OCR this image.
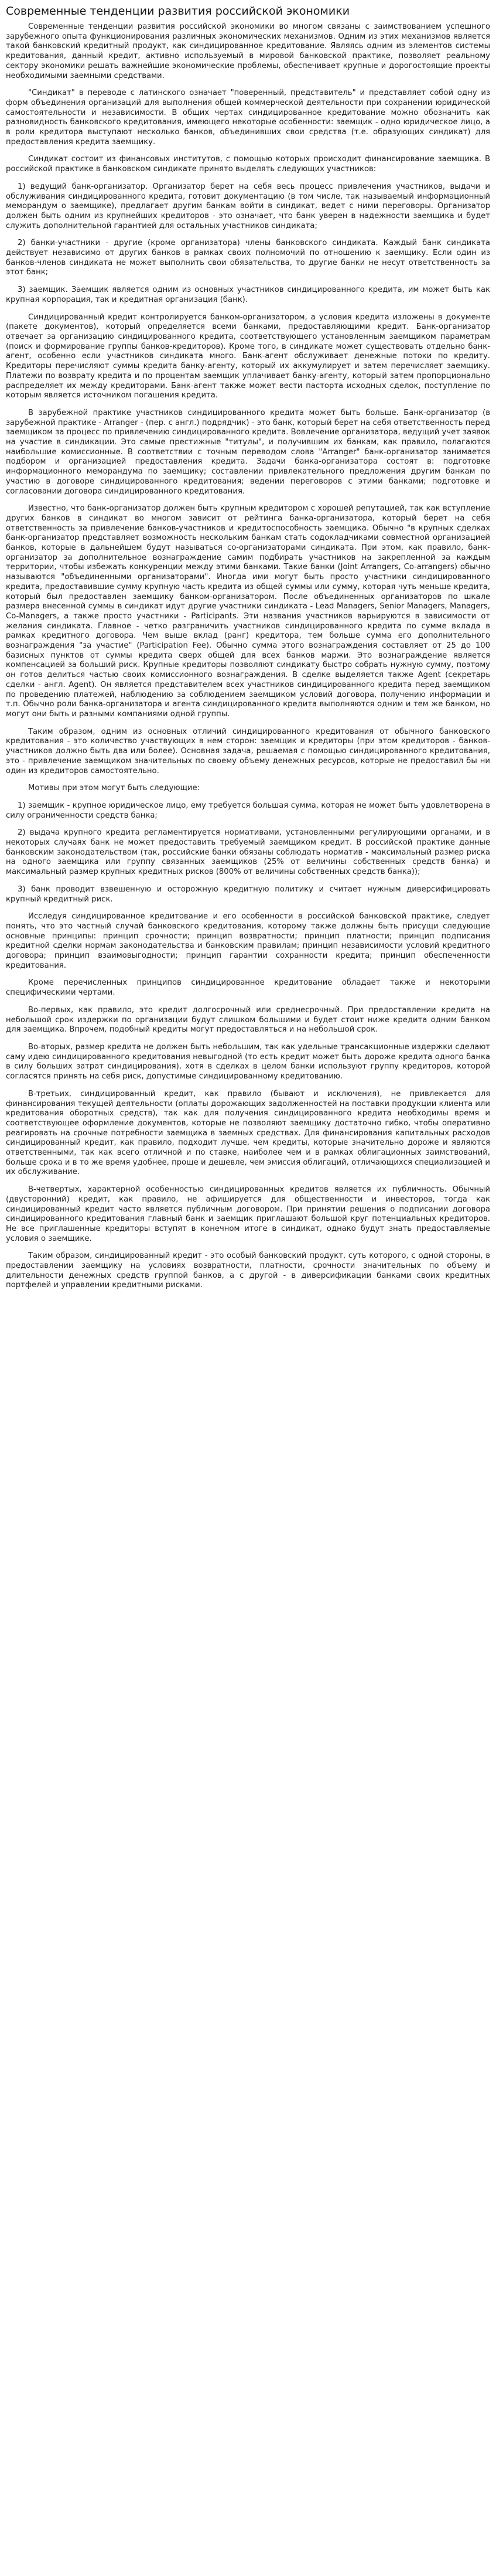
Современные тенденции развития российской экономики

Современные тенденции развития российской экономики во многом связаны с заимствованием успешного зарубежного опыта функционирования различных экономических механизмов. Одним из этих механизмов является такой банковский кредитный продукт, как синдицированное кредитование. Являясь одним из элементов системы кредитования, данный кредит, активно используемый в мировой банковской практике, позволяет реальному сектору экономики решать важнейшие экономические проблемы, обеспечивает крупные и дорогостоящие проекты необходимыми заемными средствами.

"Синдикат" в переводе с латинского означает "поверенный, представитель" и представляет собой одну из форм объединения организаций для выполнения общей коммерческой деятельности при сохранении юридической самостоятельности и независимости. В общих чертах синдицированное кредитование можно обозначить как разновидность банковского кредитования, имеющего некоторые особенности: заемщик - одно юридическое лицо, а в роли кредитора выступают несколько банков, объединивших свои средства (т.е. образующих синдикат) для предоставления кредита заемщику.

Синдикат состоит из финансовых институтов, с помощью которых происходит финансирование заемщика. В российской практике в банковском синдикате принято выделять следующих участников:

1) ведущий банк-организатор. Организатор берет на себя весь процесс привлечения участников, выдачи и обслуживания синдицированного кредита, готовит документацию (в том числе, так называемый информационный меморандум о заемщике), предлагает другим банкам войти в синдикат, ведет с ними переговоры. Организатор должен быть одним из крупнейших кредиторов - это означает, что банк уверен в надежности заемщика и будет служить дополнительной гарантией для остальных участников синдиката;

2) банки-участники - другие (кроме организатора) члены банковского синдиката. Каждый банк синдиката действует независимо от других банков в рамках своих полномочий по отношению к заемщику. Если один из банков-членов синдиката не может выполнить свои обязательства, то другие банки не несут ответственность за этот банк;

3) заемщик. Заемщик является одним из основных участников синдицированного кредита, им может быть как крупная корпорация, так и кредитная организация (банк).

Синдицированный кредит контролируется банком-организатором, а условия кредита изложены в документе (пакете документов), который определяется всеми банками, предоставляющими кредит. Банк-организатор отвечает за организацию синдицированного кредита, соответствующего установленным заемщиком параметрам (поиск и формирование группы банков-кредиторов). Кроме того, в синдикате может существовать отдельно банк-агент, особенно если участников синдиката много. Банк-агент обслуживает денежные потоки по кредиту. Кредиторы перечисляют суммы кредита банку-агенту, который их аккумулирует и затем перечисляет заемщику. Платежи по возврату кредита и по процентам заемщик уплачивает банку-агенту, который затем пропорционально распределяет их между кредиторами. Банк-агент также может вести пасторта исходных сделок, поступление по которым является источником погашения кредита.

В зарубежной практике участников синдицированного кредита может быть больше. Банк-организатор (в зарубежной практике - Arranger - (пер. с англ.) подрядчик) - это банк, который берет на себя ответственность перед заемщиком за процесс по привлечению синдицированного кредита. Вовлечение организатора, ведущий учет заявок на участие в синдикации. Это самые престижные "титулы", и получившим их банкам, как правило, полагаются наибольшие комиссионные. В соответствии с точным переводом слова "Arranger" банк-организатор занимается подбором и организацией предоставления кредита. Задачи банка-организатора состоят в: подготовке информационного меморандума по заемщику; составлении привлекательного предложения другим банкам по участию в договоре синдицированного кредитования; ведении переговоров с этими банками; подготовке и согласовании договора синдицированного кредитования.

Известно, что банк-организатор должен быть крупным кредитором с хорошей репутацией, так как вступление других банков в синдикат во многом зависит от рейтинга банка-организатора, который берет на себя ответственность за привлечение банков-участников и кредитоспособность заемщика. Обычно "в крупных сделках банк-организатор представляет возможность нескольким банкам стать содокладчиками совместной организацией банков, которые в дальнейшем будут называться со-организаторами синдиката. При этом, как правило, банк-организатор за дополнительное вознаграждение самим подбирать участников на закрепленной за каждым территории, чтобы избежать конкуренции между этими банками. Такие банки (Joint Arrangers, Co-arrangers) обычно называются "объединенными организаторами". Иногда ими могут быть просто участники синдицированного кредита, предоставившие сумму крупную часть кредита из общей суммы или сумму, которая чуть меньше кредита, который был предоставлен заемщику банком-организатором. После объединенных организаторов по шкале размера внесенной суммы в синдикат идут другие участники синдиката - Lead Managers, Senior Managers, Managers, Co-Managers, а также просто участники - Participants. Эти названия участников варьируются в зависимости от желания синдиката. Главное - четко разграничить участников синдицированного кредита по сумме вклада в рамках кредитного договора. Чем выше вклад (ранг) кредитора, тем больше сумма его дополнительного вознаграждения "за участие" (Participation Fee). Обычно сумма этого вознаграждения составляет от 25 до 100 базисных пунктов от суммы кредита сверх общей для всех банков маржи. Это вознаграждение является компенсацией за больший риск. Крупные кредиторы позволяют синдикату быстро собрать нужную сумму, поэтому он готов делиться частью своих комиссионного вознаграждения. В сделке выделяется также Agent (секретарь сделки - англ. Agent). Он является представителем всех участников синдицированного кредита перед заемщиком по проведению платежей, наблюдению за соблюдением заемщиком условий договора, получению информации и т.п. Обычно роли банка-организатора и агента синдицированного кредита выполняются одним и тем же банком, но могут они быть и разными компаниями одной группы.

Таким образом, одним из основных отличий синдицированного кредитования от обычного банковского кредитования - это количество участвующих в нем сторон: заемщик и кредиторы (при этом кредиторов - банков-участников должно быть два или более). Основная задача, решаемая с помощью синдицированного кредитования, это - привлечение заемщиком значительных по своему объему денежных ресурсов, которые не предоставил бы ни один из кредиторов самостоятельно.

Мотивы при этом могут быть следующие:

1) заемщик - крупное юридическое лицо, ему требуется большая сумма, которая не может быть удовлетворена в силу ограниченности средств банка;

2) выдача крупного кредита регламентируется нормативами, установленными регулирующими органами, и в некоторых случаях банк не может предоставить требуемый заемщиком кредит. В российской практике данные банковским законодательством (так, российские банки обязаны соблюдать норматив - максимальный размер риска на одного заемщика или группу связанных заемщиков (25% от величины собственных средств банка) и максимальный размер крупных кредитных рисков (800% от величины собственных средств банка));

3) банк проводит взвешенную и осторожную кредитную политику и считает нужным диверсифицировать крупный кредитный риск.

Исследуя синдицированное кредитование и его особенности в российской банковской практике, следует понять, что это частный случай банковского кредитования, которому также должны быть присущи следующие основные принципы: принцип срочности; принцип возвратности; принцип платности; принцип подписания кредитной сделки нормам законодательства и банковским правилам; принцип независимости условий кредитного договора; принцип взаимовыгодности; принцип гарантии сохранности кредита; принцип обеспеченности кредитования.

Кроме перечисленных принципов синдицированное кредитование обладает также и некоторыми специфическими чертами.

Во-первых, как правило, это кредит долгосрочный или среднесрочный. При предоставлении кредита на небольшой срок издержки по организации будут слишком большими и будет стоит ниже кредита одним банком для заемщика. Впрочем, подобный кредиты могут предоставляться и на небольшой срок.

Во-вторых, размер кредита не должен быть небольшим, так как удельные трансакционные издержки сделают саму идею синдицированного кредитования невыгодной (то есть кредит может быть дороже кредита одного банка в силу больших затрат синдицирования), хотя в сделках в целом банки используют группу кредиторов, которой согласятся принять на себя риск, допустимые синдицированному кредитованию.

В-третьих, синдицированный кредит, как правило (бывают и исключения), не привлекается для финансирования текущей деятельности (оплаты дорожающих задолженностей на поставки продукции клиента или кредитования оборотных средств), так как для получения синдицированного кредита необходимы время и соответствующее оформление документов, которые не позволяют заемщику достаточно гибко, чтобы оперативно реагировать на срочные потребности заемщика в заемных средствах. Для финансирования капитальных расходов синдицированный кредит, как правило, подходит лучше, чем кредиты, которые значительно дороже и являются ответственными, так как всего отличной и по ставке, наиболее чем и в рамках облигационных заимствований, больше срока и в то же время удобнее, проще и дешевле, чем эмиссия облигаций, отличающихся специализацией и их обслуживание.

В-четвертых, характерной особенностью синдицированных кредитов является их публичность. Обычный (двусторонний) кредит, как правило, не афишируется для общественности и инвесторов, тогда как синдицированный кредит часто является публичным договором. При принятии решения о подписании договора синдицированного кредитования главный банк и заемщик приглашают большой круг потенциальных кредиторов. Не все приглашенные кредиторы вступят в конечном итоге в синдикат, однако будут знать предоставляемые условия о заемщике.

Таким образом, синдицированный кредит - это особый банковский продукт, суть которого, с одной стороны, в предоставлении заемщику на условиях возвратности, платности, срочности значительных по объему и длительности денежных средств группой банков, а с другой - в диверсификации банками своих кредитных портфелей и управлении кредитными рисками.
